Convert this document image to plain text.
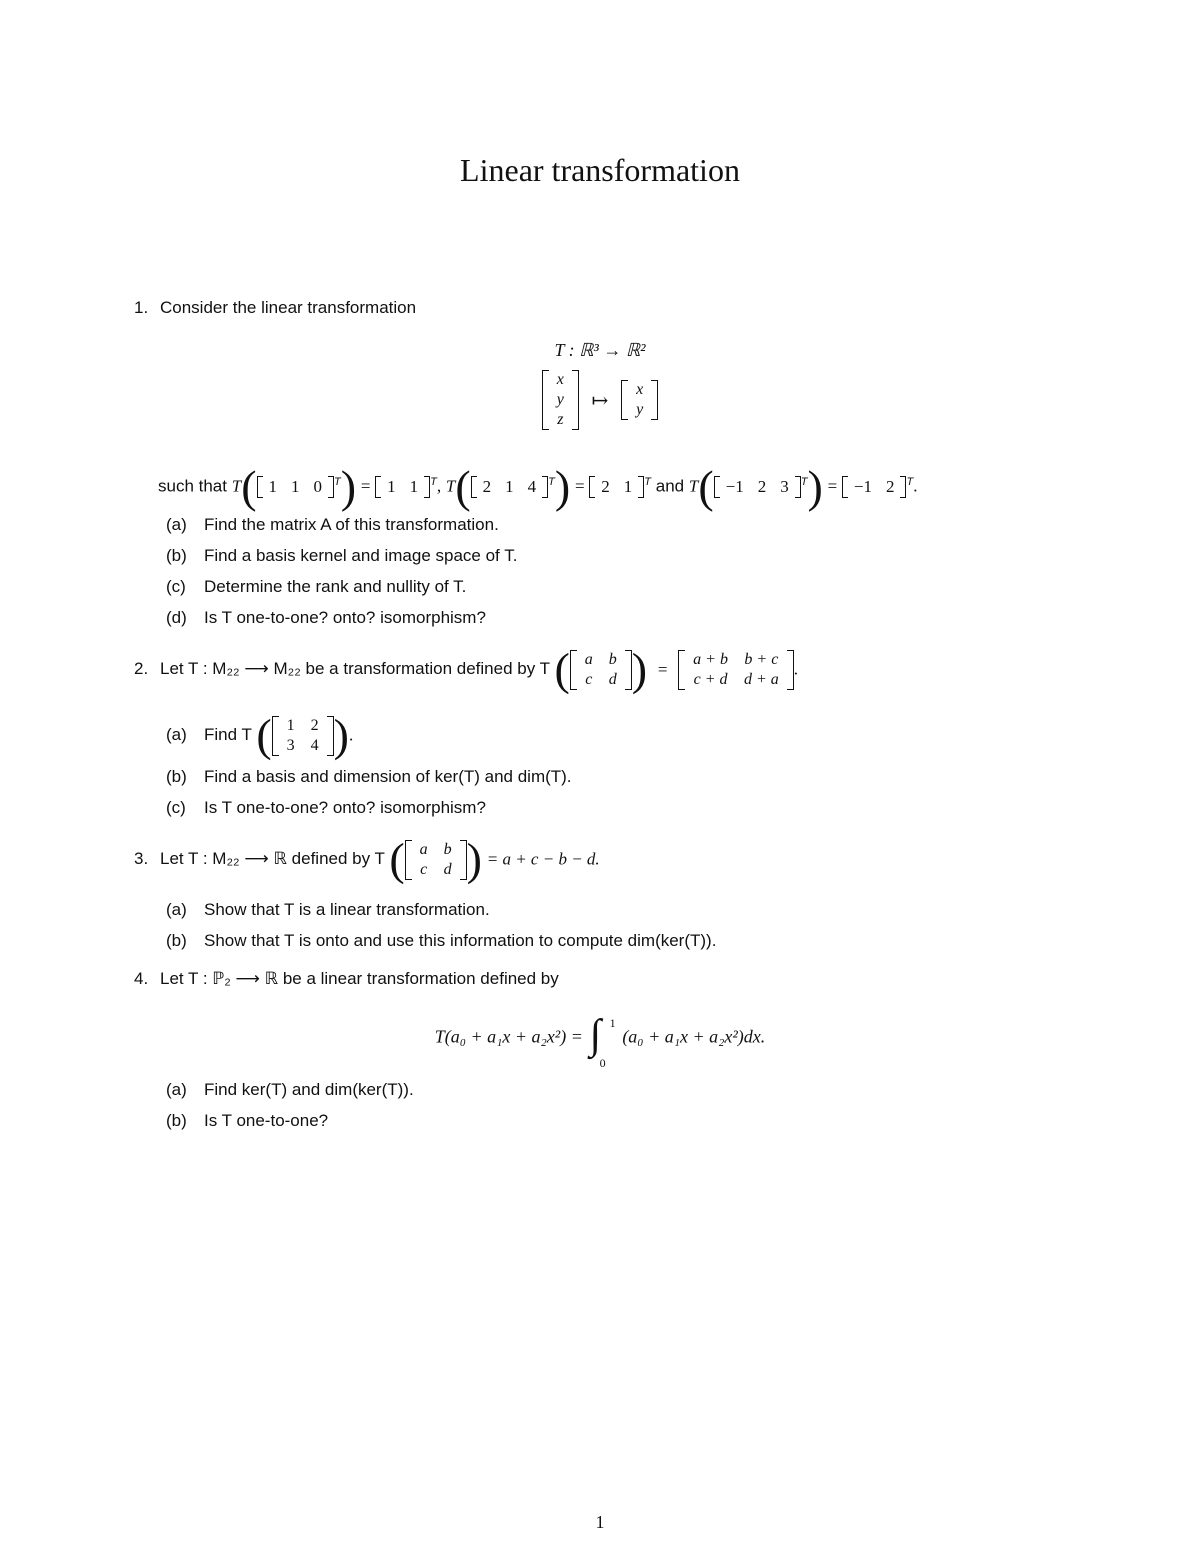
Linear transformation
1. Consider the linear transformation
T : ℝ³ → ℝ²
x
y
z
↦ x
y
such that T( 1 1 0 $^T$) = 1 1 $^T$, T( 2 1 4 $^T$) = 2 1 $^T$ and T( −1 2 3 $^T$) = −1 2 $^T$.
(a) Find the matrix A of this transformation.
(b) Find a basis kernel and image space of T.
(c) Determine the rank and nullity of T.
(d) Is T one-to-one? onto? isomorphism?
2. Let T : M₂₂ ⟶ M₂₂ be a transformation defined by T ( a	b
c	d ) =
a + b	b + c
c + d	d + a
.
(a) Find T ( 1	2
3	4 ).
(b) Find a basis and dimension of ker(T) and dim(T).
(c) Is T one-to-one? onto? isomorphism?
3. Let T : M₂₂ ⟶ ℝ defined by T ( a	b
c	d ) = a + c − b − d.
(a) Show that T is a linear transformation.
(b) Show that T is onto and use this information to compute dim(ker(T)).
4. Let T : ℙ₂ ⟶ ℝ be a linear transformation defined by
T(a₀ + a₁x + a₂x²) = ∫ 1
0
(a₀ + a₁x + a₂x²)dx.
(a) Find ker(T) and dim(ker(T)).
(b) Is T one-to-one?
1
